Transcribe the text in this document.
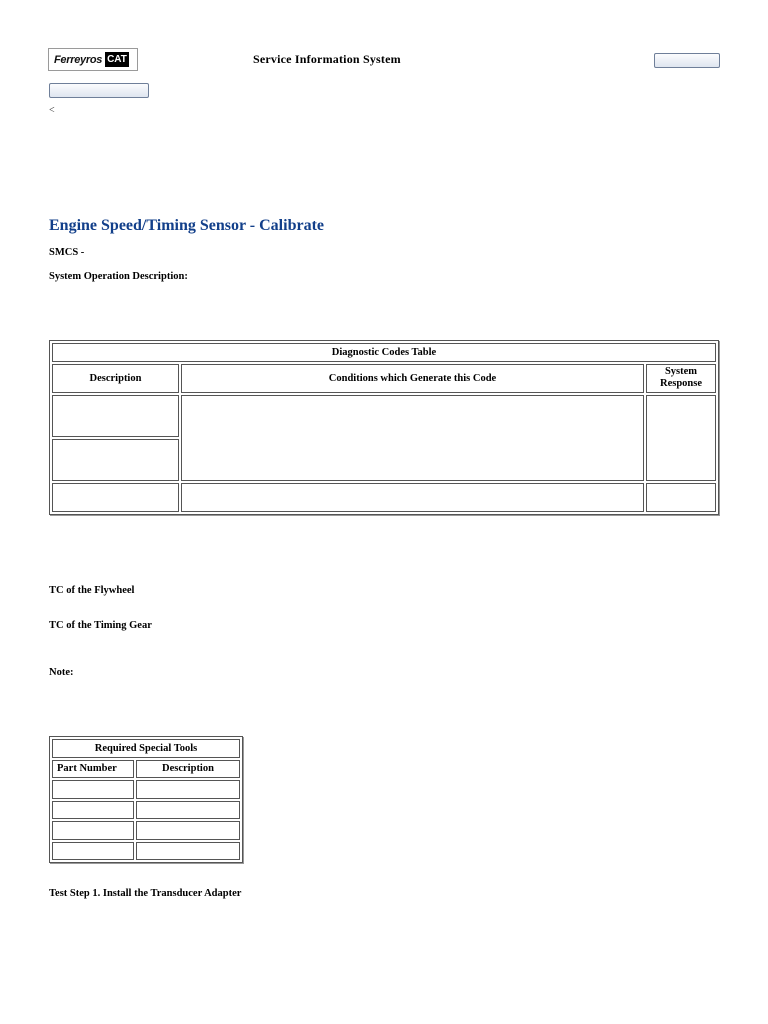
Ferreyros CAT	Service Information System
<
Engine Speed/Timing Sensor - Calibrate
SMCS -
System Operation Description:
Diagnostic Codes Table		
Description	Conditions which Generate this Code	System Response

TC of the Flywheel
TC of the Timing Gear
Note:
Required Special Tools	
Part Number	Description

Test Step 1. Install the Transducer Adapter
